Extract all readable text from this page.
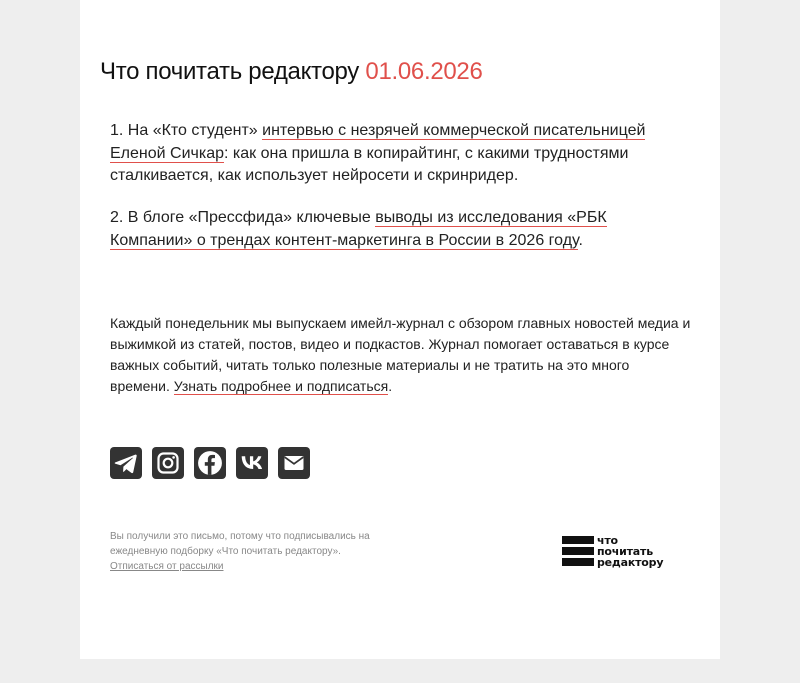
Что почитать редактору 01.06.2026

1. На «Кто студент» интервью с незрячей коммерческой писательницей Еленой Сичкар: как она пришла в копирайтинг, с какими трудностями сталкивается, как использует нейросети и скринридер.

2. В блоге «Прессфида» ключевые выводы из исследования «РБК Компании» о трендах контент-маркетинга в России в 2026 году.

Каждый понедельник мы выпускаем имейл-журнал с обзором главных новостей медиа и выжимкой из статей, постов, видео и подкастов. Журнал помогает оставаться в курсе важных событий, читать только полезные материалы и не тратить на это много времени. Узнать подробнее и подписаться.

Вы получили это письмо, потому что подписывались на ежедневную подборку «Что почитать редактору».
Отписаться от рассылки

что
почитать
редактору
